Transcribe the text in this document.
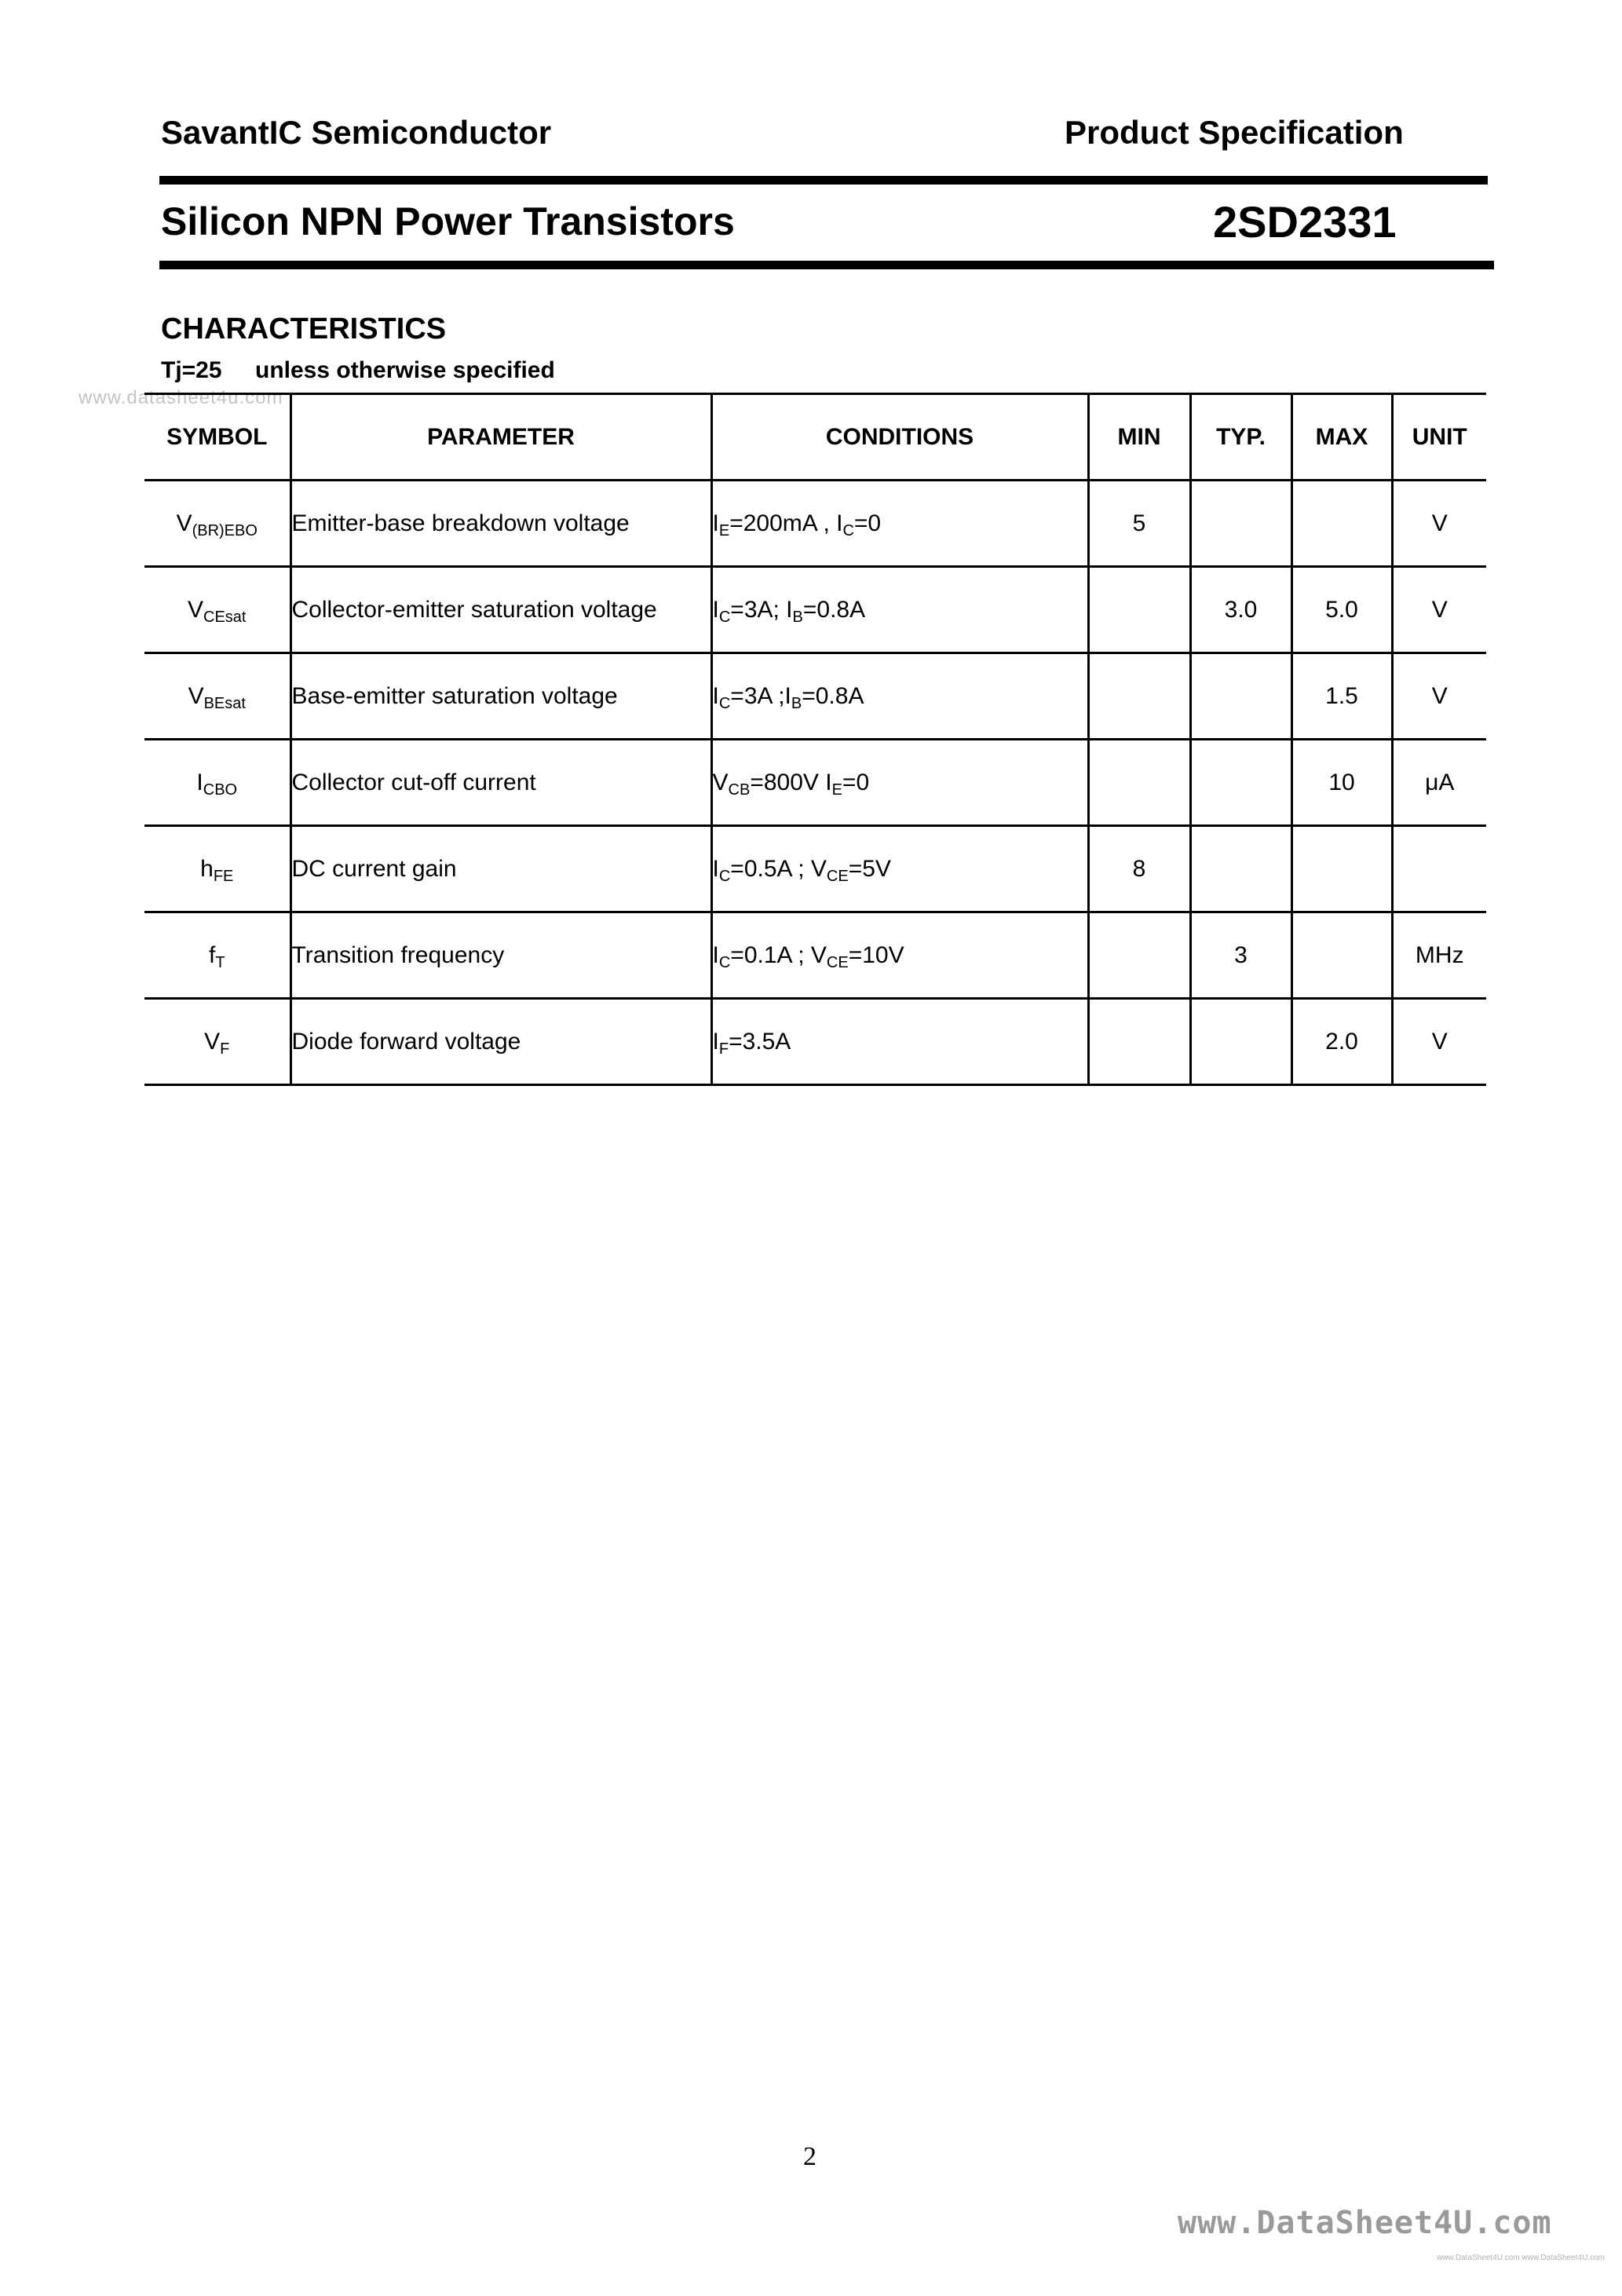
SavantIC Semiconductor	Product Specification
Silicon NPN Power Transistors	2SD2331
CHARACTERISTICS
Tj=25 unless otherwise specified
www.datasheet4u.com
SYMBOL	PARAMETER	CONDITIONS	MIN	TYP.	MAX	UNIT
$V_{(BR)EBO}$	Emitter-base breakdown voltage	$I_E=200mA$ , $I_C=0$	5			V
$V_{CEsat}$	Collector-emitter saturation voltage	$I_C=3A$; $I_B=0.8A$		3.0	5.0	V
$V_{BEsat}$	Base-emitter saturation voltage	$I_C=3A$ $;I_B=0.8A$			1.5	V
$I_{CBO}$	Collector cut-off current	$V_{CB}=800V$ $I_E=0$			10	μA
$h_{FE}$	DC current gain	$I_C=0.5A$ ; $V_{CE}=5V$	8			
$f_T$	Transition frequency	$I_C=0.1A$ ; $V_{CE}=10V$		3		MHz
$V_F$	Diode forward voltage	$I_F=3.5A$			2.0	V
2
www.DataSheet4U.com
www.DataSheet4U.com www.DataSheet4U.com
